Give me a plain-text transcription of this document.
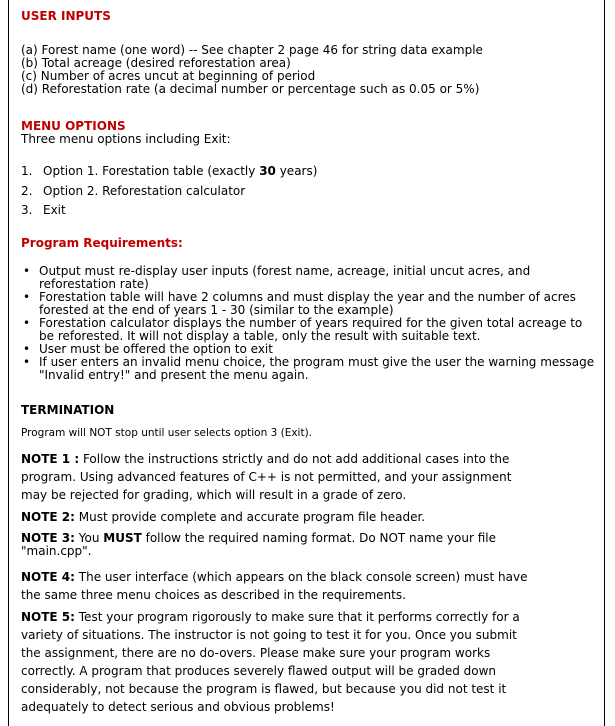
USER INPUTS
(a) Forest name (one word) -- See chapter 2 page 46 for string data example
(b) Total acreage (desired reforestation area)
(c) Number of acres uncut at beginning of period
(d) Reforestation rate (a decimal number or percentage such as 0.05 or 5%)
MENU OPTIONS
Three menu options including Exit:
1. Option 1. Forestation table (exactly 30 years)
2. Option 2. Reforestation calculator
3. Exit
Program Requirements:
• Output must re-display user inputs (forest name, acreage, initial uncut acres, and reforestation rate)
• Forestation table will have 2 columns and must display the year and the number of acres forested at the end of years 1 - 30 (similar to the example)
• Forestation calculator displays the number of years required for the given total acreage to be reforested. It will not display a table, only the result with suitable text.
• User must be offered the option to exit
• If user enters an invalid menu choice, the program must give the user the warning message "Invalid entry!" and present the menu again.
TERMINATION
Program will NOT stop until user selects option 3 (Exit).
NOTE 1 : Follow the instructions strictly and do not add additional cases into the program. Using advanced features of C++ is not permitted, and your assignment may be rejected for grading, which will result in a grade of zero.
NOTE 2: Must provide complete and accurate program file header.
NOTE 3: You MUST follow the required naming format. Do NOT name your file "main.cpp".
NOTE 4: The user interface (which appears on the black console screen) must have the same three menu choices as described in the requirements.
NOTE 5: Test your program rigorously to make sure that it performs correctly for a variety of situations. The instructor is not going to test it for you. Once you submit the assignment, there are no do-overs. Please make sure your program works correctly. A program that produces severely flawed output will be graded down considerably, not because the program is flawed, but because you did not test it adequately to detect serious and obvious problems!
